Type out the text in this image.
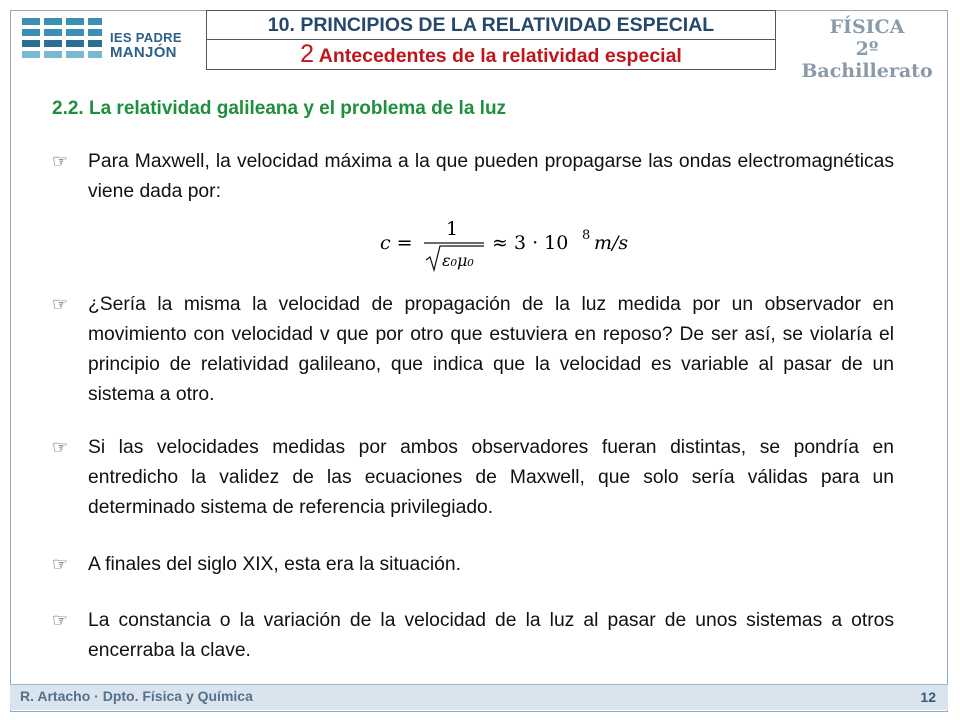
IES PADRE
MANJÓN
10. PRINCIPIOS DE LA RELATIVIDAD ESPECIAL
2 Antecedentes de la relatividad especial
FÍSICA
2º Bachillerato
2.2. La relatividad galileana y el problema de la luz
☞	Para Maxwell, la velocidad máxima a la que pueden propagarse las ondas electromagnéticas viene dada por:
c =
1
ε₀μ₀
≈ 3 · 10 8 m/s
☞	¿Sería la misma la velocidad de propagación de la luz medida por un observador en movimiento con velocidad v que por otro que estuviera en reposo? De ser así, se violaría el principio de relatividad galileano, que indica que la velocidad es variable al pasar de un sistema a otro.
☞	Si las velocidades medidas por ambos observadores fueran distintas, se pondría en entredicho la validez de las ecuaciones de Maxwell, que solo sería válidas para un determinado sistema de referencia privilegiado.
☞	A finales del siglo XIX, esta era la situación.
☞	La constancia o la variación de la velocidad de la luz al pasar de unos sistemas a otros encerraba la clave.
R. Artacho · Dpto. Física y Química	12
